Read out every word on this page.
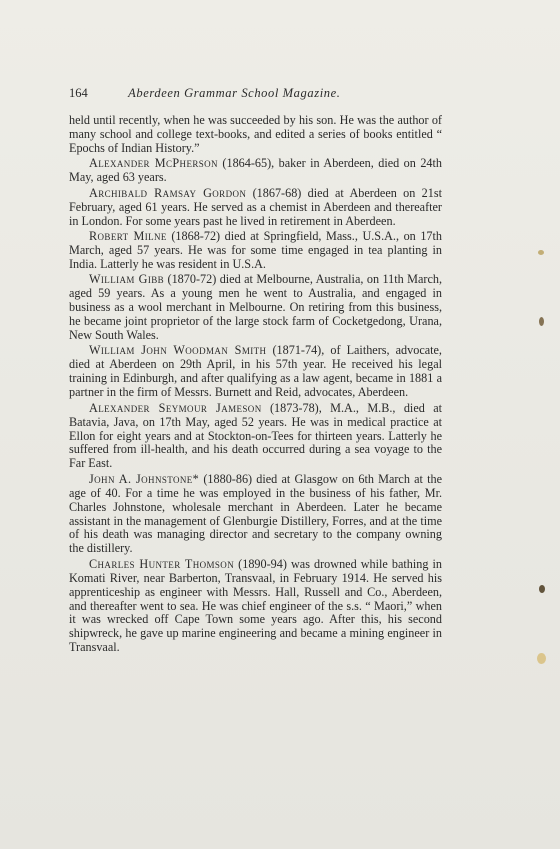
164	Aberdeen Grammar School Magazine.

held until recently, when he was succeeded by his son. He was the author of many school and college text-books, and edited a series of books entitled “ Epochs of Indian History.”

Alexander McPherson (1864-65), baker in Aberdeen, died on 24th May, aged 63 years.

Archibald Ramsay Gordon (1867-68) died at Aberdeen on 21st February, aged 61 years. He served as a chemist in Aberdeen and thereafter in London. For some years past he lived in retirement in Aberdeen.

Robert Milne (1868-72) died at Springfield, Mass., U.S.A., on 17th March, aged 57 years. He was for some time engaged in tea planting in India. Latterly he was resident in U.S.A.

William Gibb (1870-72) died at Melbourne, Australia, on 11th March, aged 59 years. As a young men he went to Australia, and engaged in business as a wool merchant in Melbourne. On retiring from this business, he became joint proprietor of the large stock farm of Cocketgedong, Urana, New South Wales.

William John Woodman Smith (1871-74), of Laithers, advocate, died at Aberdeen on 29th April, in his 57th year. He received his legal training in Edinburgh, and after qualifying as a law agent, became in 1881 a partner in the firm of Messrs. Burnett and Reid, advocates, Aberdeen.

Alexander Seymour Jameson (1873-78), M.A., M.B., died at Batavia, Java, on 17th May, aged 52 years. He was in medical practice at Ellon for eight years and at Stockton-on-Tees for thirteen years. Latterly he suffered from ill-health, and his death occurred during a sea voyage to the Far East.

John A. Johnstone* (1880-86) died at Glasgow on 6th March at the age of 40. For a time he was employed in the business of his father, Mr. Charles Johnstone, wholesale merchant in Aberdeen. Later he became assistant in the management of Glenburgie Distillery, Forres, and at the time of his death was managing director and secretary to the company owning the distillery.

Charles Hunter Thomson (1890-94) was drowned while bathing in Komati River, near Barberton, Transvaal, in February 1914. He served his apprenticeship as engineer with Messrs. Hall, Russell and Co., Aberdeen, and thereafter went to sea. He was chief engineer of the s.s. “ Maori,” when it was wrecked off Cape Town some years ago. After this, his second shipwreck, he gave up marine engineering and became a mining engineer in Transvaal.
